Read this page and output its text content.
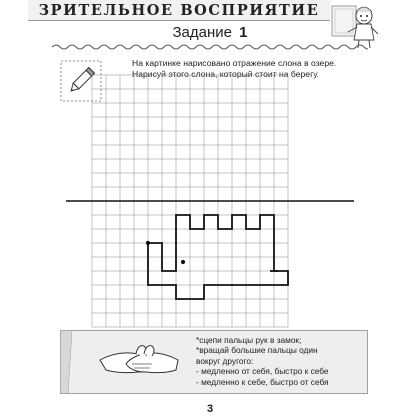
ЗРИТЕЛЬНОЕ ВОСПРИЯТИЕ
Задание 1
На картинке нарисовано отражение слона в озере. Нарисуй этого слона, который стоит на берегу.
*сцепи пальцы рук в замок;
*вращай большие пальцы один
вокруг другого:
- медленно от себя, быстро к себе
- медленно к себе, быстро от себя
3
